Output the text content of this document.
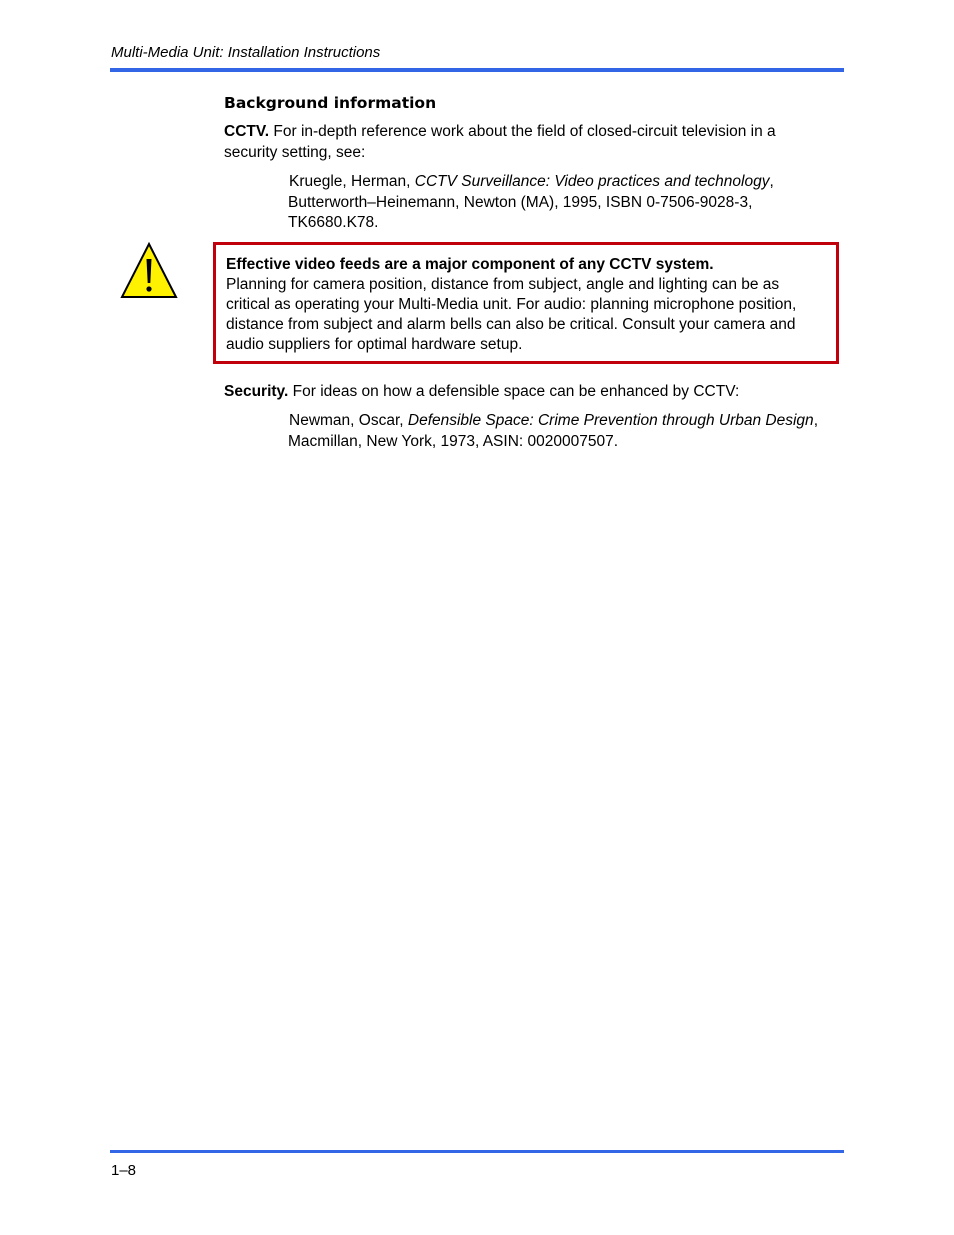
Multi-Media Unit: Installation Instructions
Background information
CCTV. For in-depth reference work about the field of closed-circuit television in a security setting, see:
Kruegle, Herman, CCTV Surveillance: Video practices and technology, Butterworth–Heinemann, Newton (MA), 1995, ISBN 0-7506-9028-3, TK6680.K78.
Effective video feeds are a major component of any CCTV system.
Planning for camera position, distance from subject, angle and lighting can be as critical as operating your Multi-Media unit. For audio: planning microphone position, distance from subject and alarm bells can also be critical. Consult your camera and audio suppliers for optimal hardware setup.
Security. For ideas on how a defensible space can be enhanced by CCTV:
Newman, Oscar, Defensible Space: Crime Prevention through Urban Design, Macmillan, New York, 1973, ASIN: 0020007507.
1–8
